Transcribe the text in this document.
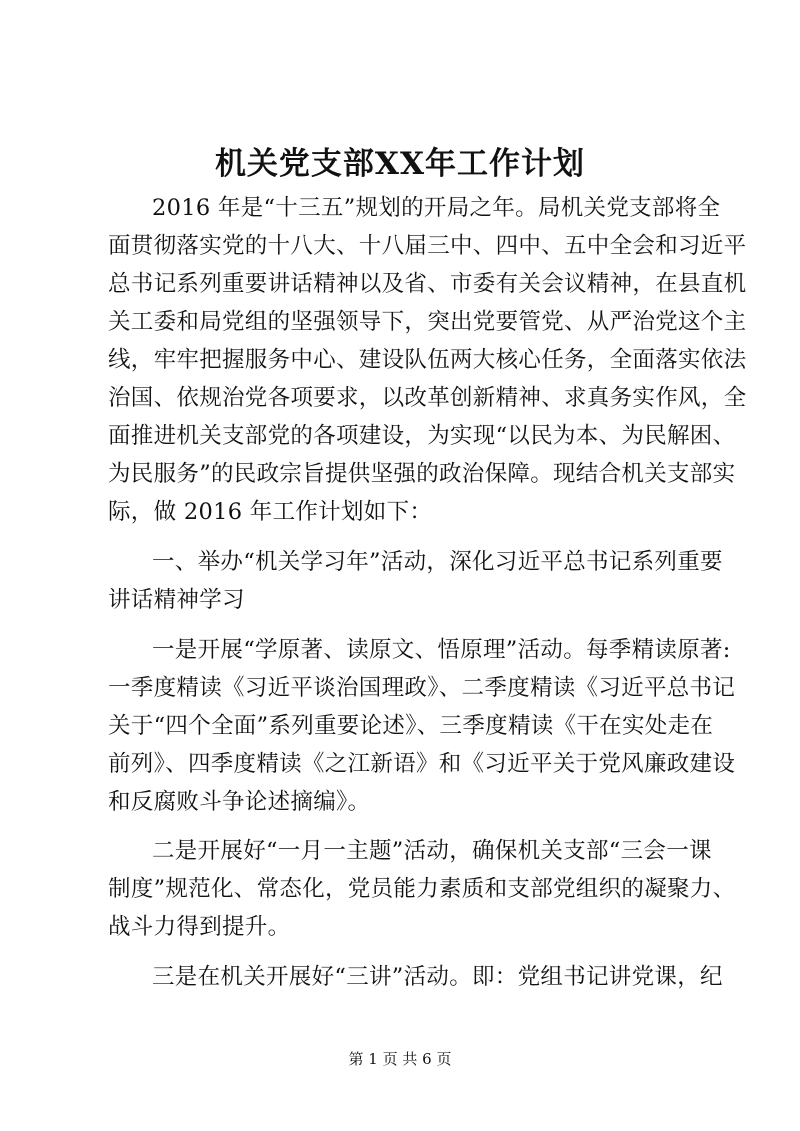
机关党支部XX年工作计划
2016 年是“十三五”规划的开局之年。局机关党支部将全
面贯彻落实党的十八大、十八届三中、四中、五中全会和习近平
总书记系列重要讲话精神以及省、市委有关会议精神，在县直机
关工委和局党组的坚强领导下，突出党要管党、从严治党这个主
线，牢牢把握服务中心、建设队伍两大核心任务，全面落实依法
治国、依规治党各项要求，以改革创新精神、求真务实作风，全
面推进机关支部党的各项建设，为实现“以民为本、为民解困、
为民服务”的民政宗旨提供坚强的政治保障。现结合机关支部实
际，做 2016 年工作计划如下：
一、举办“机关学习年”活动，深化习近平总书记系列重要
讲话精神学习
一是开展“学原著、读原文、悟原理”活动。每季精读原著:
一季度精读《习近平谈治国理政》、二季度精读《习近平总书记
关于“四个全面”系列重要论述》、三季度精读《干在实处走在
前列》、四季度精读《之江新语》和《习近平关于党风廉政建设
和反腐败斗争论述摘编》。
二是开展好“一月一主题”活动，确保机关支部“三会一课
制度”规范化、常态化，党员能力素质和支部党组织的凝聚力、
战斗力得到提升。
三是在机关开展好“三讲”活动。即：党组书记讲党课，纪
第 1 页 共 6 页
